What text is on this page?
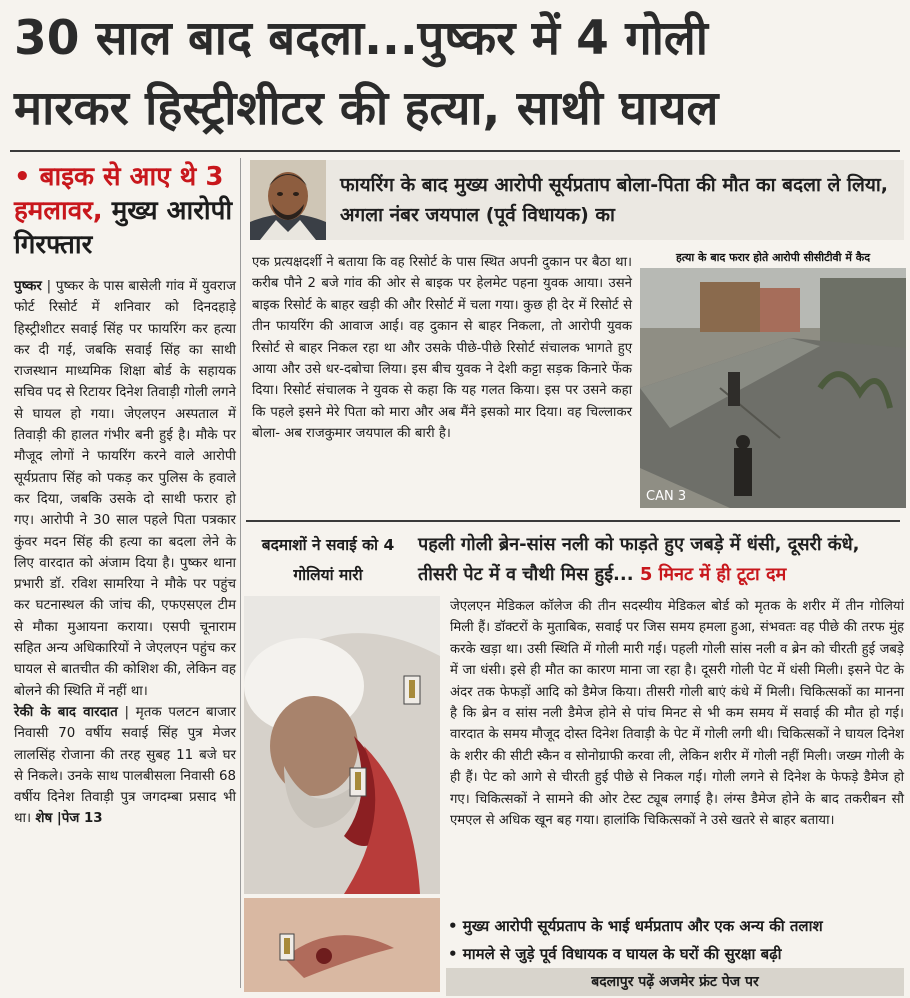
30 साल बाद बदला...पुष्कर में 4 गोली
मारकर हिस्ट्रीशीटर की हत्या, साथी घायल
• बाइक से आए थे 3 हमलावर, मुख्य आरोपी गिरफ्तार
पुष्कर | पुष्कर के पास बासेली गांव में युवराज फोर्ट रिसोर्ट में शनिवार को दिनदहाड़े हिस्ट्रीशीटर सवाई सिंह पर फायरिंग कर हत्या कर दी गई, जबकि सवाई सिंह का साथी राजस्थान माध्यमिक शिक्षा बोर्ड के सहायक सचिव पद से रिटायर दिनेश तिवाड़ी गोली लगने से घायल हो गया। जेएलएन अस्पताल में तिवाड़ी की हालत गंभीर बनी हुई है। मौके पर मौजूद लोगों ने फायरिंग करने वाले आरोपी सूर्यप्रताप सिंह को पकड़ कर पुलिस के हवाले कर दिया, जबकि उसके दो साथी फरार हो गए। आरोपी ने 30 साल पहले पिता पत्रकार कुंवर मदन सिंह की हत्या का बदला लेने के लिए वारदात को अंजाम दिया है। पुष्कर थाना प्रभारी डॉ. रविश सामरिया ने मौके पर पहुंच कर घटनास्थल की जांच की, एफएसएल टीम से मौका मुआयना कराया। एसपी चूनाराम सहित अन्य अधिकारियों ने जेएलएन पहुंच कर घायल से बातचीत की कोशिश की, लेकिन वह बोलने की स्थिति में नहीं था।
रेकी के बाद वारदात | मृतक पलटन बाजार निवासी 70 वर्षीय सवाई सिंह पुत्र मेजर लालसिंह रोजाना की तरह सुबह 11 बजे घर से निकले। उनके साथ पालबीसला निवासी 68 वर्षीय दिनेश तिवाड़ी पुत्र जगदम्बा प्रसाद भी था। शेष |पेज 13
फायरिंग के बाद मुख्य आरोपी सूर्यप्रताप बोला-पिता की मौत का बदला ले लिया, अगला नंबर जयपाल (पूर्व विधायक) का
एक प्रत्यक्षदर्शी ने बताया कि वह रिसोर्ट के पास स्थित अपनी दुकान पर बैठा था। करीब पौने 2 बजे गांव की ओर से बाइक पर हेलमेट पहना युवक आया। उसने बाइक रिसोर्ट के बाहर खड़ी की और रिसोर्ट में चला गया। कुछ ही देर में रिसोर्ट से तीन फायरिंग की आवाज आई। वह दुकान से बाहर निकला, तो आरोपी युवक रिसोर्ट से बाहर निकल रहा था और उसके पीछे-पीछे रिसोर्ट संचालक भागते हुए आया और उसे धर-दबोचा लिया। इस बीच युवक ने देशी कट्टा सड़क किनारे फेंक दिया। रिसोर्ट संचालक ने युवक से कहा कि यह गलत किया। इस पर उसने कहा कि पहले इसने मेरे पिता को मारा और अब मैंने इसको मार दिया। वह चिल्लाकर बोला- अब राजकुमार जयपाल की बारी है।
हत्या के बाद फरार होते आरोपी सीसीटीवी में कैद
CAN 3
बदमाशों ने सवाई को 4 गोलियां मारी
पहली गोली ब्रेन-सांस नली को फाड़ते हुए जबड़े में धंसी, दूसरी कंधे, तीसरी पेट में व चौथी मिस हुई... 5 मिनट में ही टूटा दम
जेएलएन मेडिकल कॉलेज की तीन सदस्यीय मेडिकल बोर्ड को मृतक के शरीर में तीन गोलियां मिली हैं। डॉक्टरों के मुताबिक, सवाई पर जिस समय हमला हुआ, संभवतः वह पीछे की तरफ मुंह करके खड़ा था। उसी स्थिति में गोली मारी गई। पहली गोली सांस नली व ब्रेन को चीरती हुई जबड़े में जा धंसी। इसे ही मौत का कारण माना जा रहा है। दूसरी गोली पेट में धंसी मिली। इसने पेट के अंदर तक फेफड़ों आदि को डैमेज किया। तीसरी गोली बाएं कंधे में मिली। चिकित्सकों का मानना है कि ब्रेन व सांस नली डैमेज होने से पांच मिनट से भी कम समय में सवाई की मौत हो गई। वारदात के समय मौजूद दोस्त दिनेश तिवाड़ी के पेट में गोली लगी थी। चिकित्सकों ने घायल दिनेश के शरीर की सीटी स्कैन व सोनोग्राफी करवा ली, लेकिन शरीर में गोली नहीं मिली। जख्म गोली के ही हैं। पेट को आगे से चीरती हुई पीछे से निकल गई। गोली लगने से दिनेश के फेफड़े डैमेज हो गए। चिकित्सकों ने सामने की ओर टेस्ट ट्यूब लगाई है। लंग्स डैमेज होने के बाद तकरीबन सौ एमएल से अधिक खून बह गया। हालांकि चिकित्सकों ने उसे खतरे से बाहर बताया।
• मुख्य आरोपी सूर्यप्रताप के भाई धर्मप्रताप और एक अन्य की तलाश
• मामले से जुड़े पूर्व विधायक व घायल के घरों की सुरक्षा बढ़ी
बदलापुर पढ़ें अजमेर फ्रंट पेज पर
